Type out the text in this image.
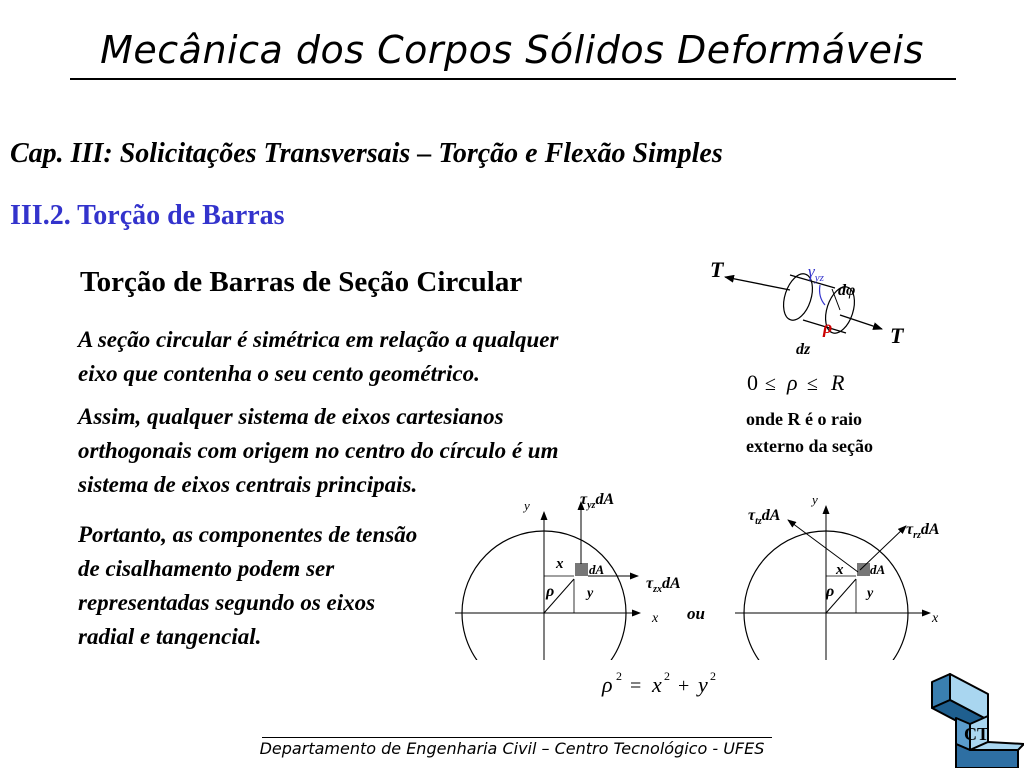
Mecânica dos Corpos Sólidos Deformáveis
Cap. III: Solicitações Transversais – Torção e Flexão Simples
III.2. Torção de Barras
Torção de Barras de Seção Circular
A seção circular é simétrica em relação a qualquer
eixo que contenha o seu cento geométrico.
Assim, qualquer sistema de eixos cartesianos
orthogonais com origem no centro do círculo é um
sistema de eixos centrais principais.
Portanto, as componentes de tensão
de cisalhamento podem ser
representadas segundo os eixos
radial e tangencial.
T
T
$\gamma_{yz}$
dφ
ρ
dz
0 ≤ ρ ≤ R
onde R é o raio
externo da seção
y
x
$\tau_{yz}dA$
$\tau_{zx}dA$
x
y
ρ
dA
ou
y
x
$\tau_{tz}dA$
$\tau_{rz}dA$
x
y
ρ
dA
ρ 2 = x 2 + y 2
Departamento de Engenharia Civil – Centro Tecnológico - UFES
CT
